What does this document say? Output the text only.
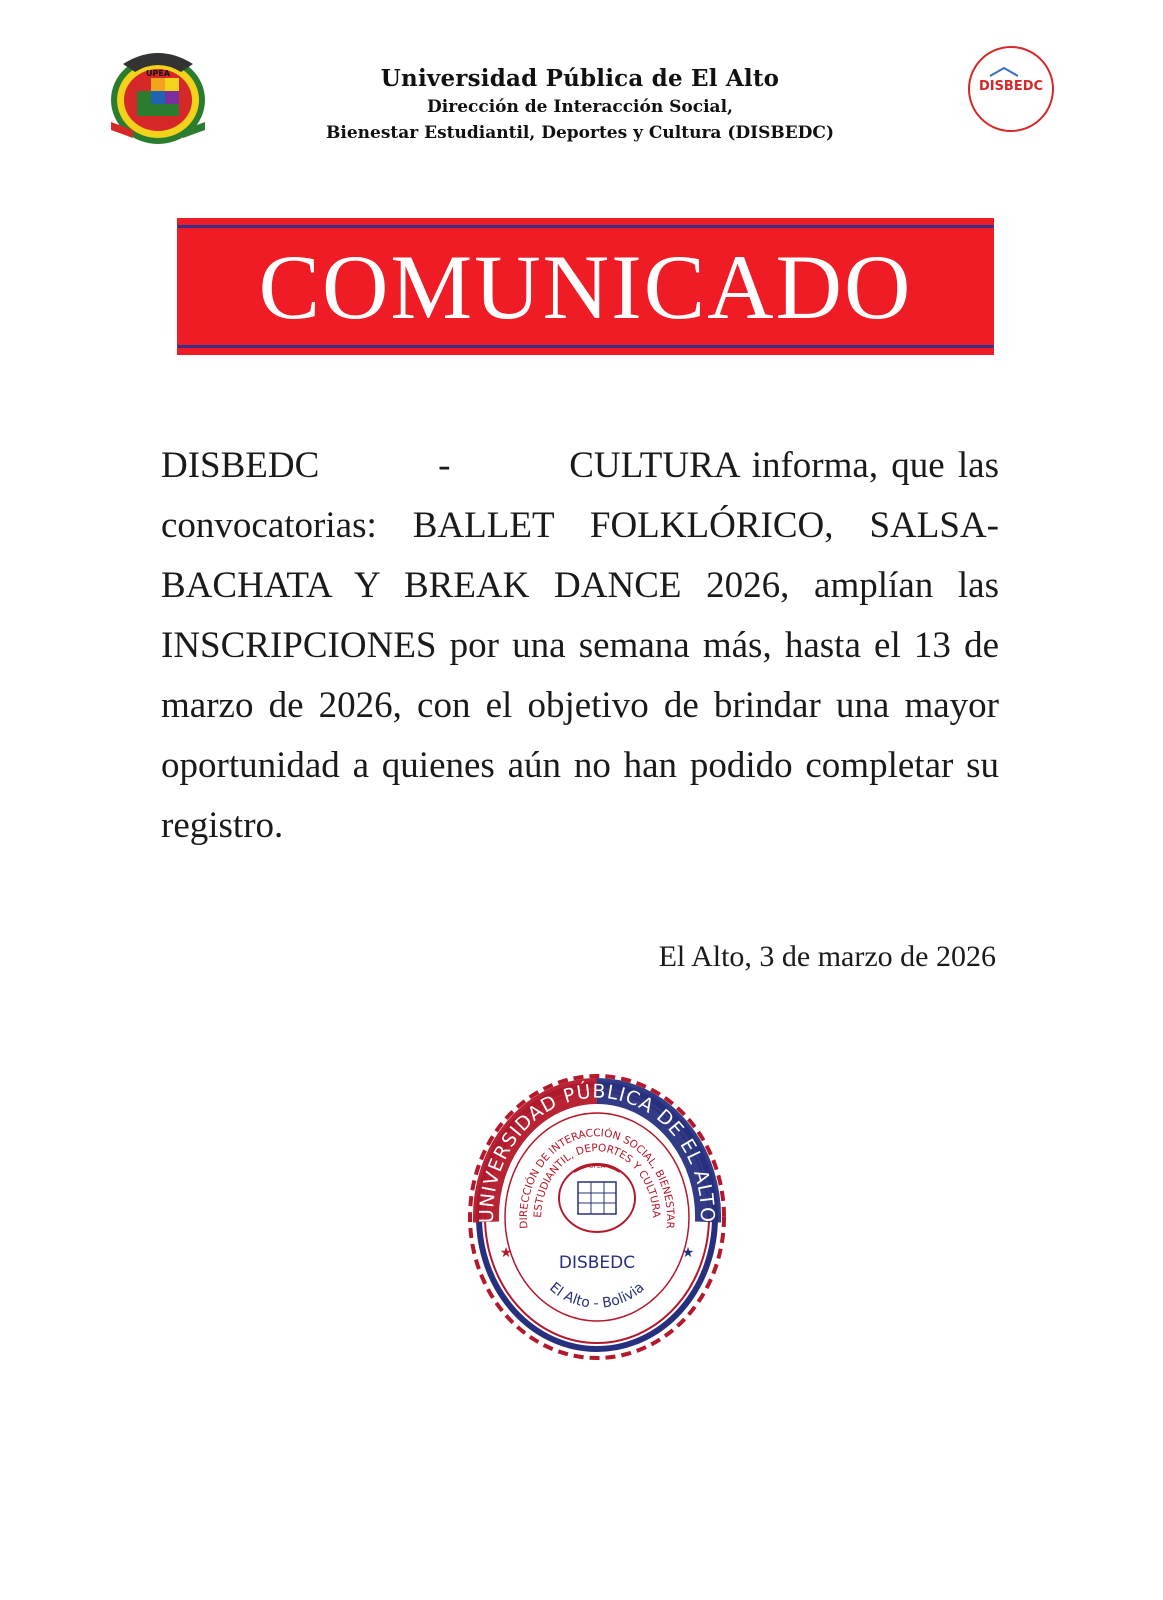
UPEA	Universidad Pública de El Alto
Dirección de Interacción Social,
Bienestar Estudiantil, Deportes y Cultura (DISBEDC)
DISBEDC
COMUNICADO
DISBEDC	-	CULTURA informa, que las convocatorias: BALLET FOLKLÓRICO, SALSA-BACHATA Y BREAK DANCE 2026, amplían las INSCRIPCIONES por una semana más, hasta el 13 de marzo de 2026, con el objetivo de brindar una mayor oportunidad a quienes aún no han podido completar su registro.
El Alto, 3 de marzo de 2026
UNIVERSIDAD PÚBLICA DE EL ALTO
DIRECCIÓN DE INTERACCIÓN SOCIAL, BIENESTAR
ESTUDIANTIL, DEPORTES Y CULTURA
UPEA
DISBEDC
★	★
El Alto - Bolivia
